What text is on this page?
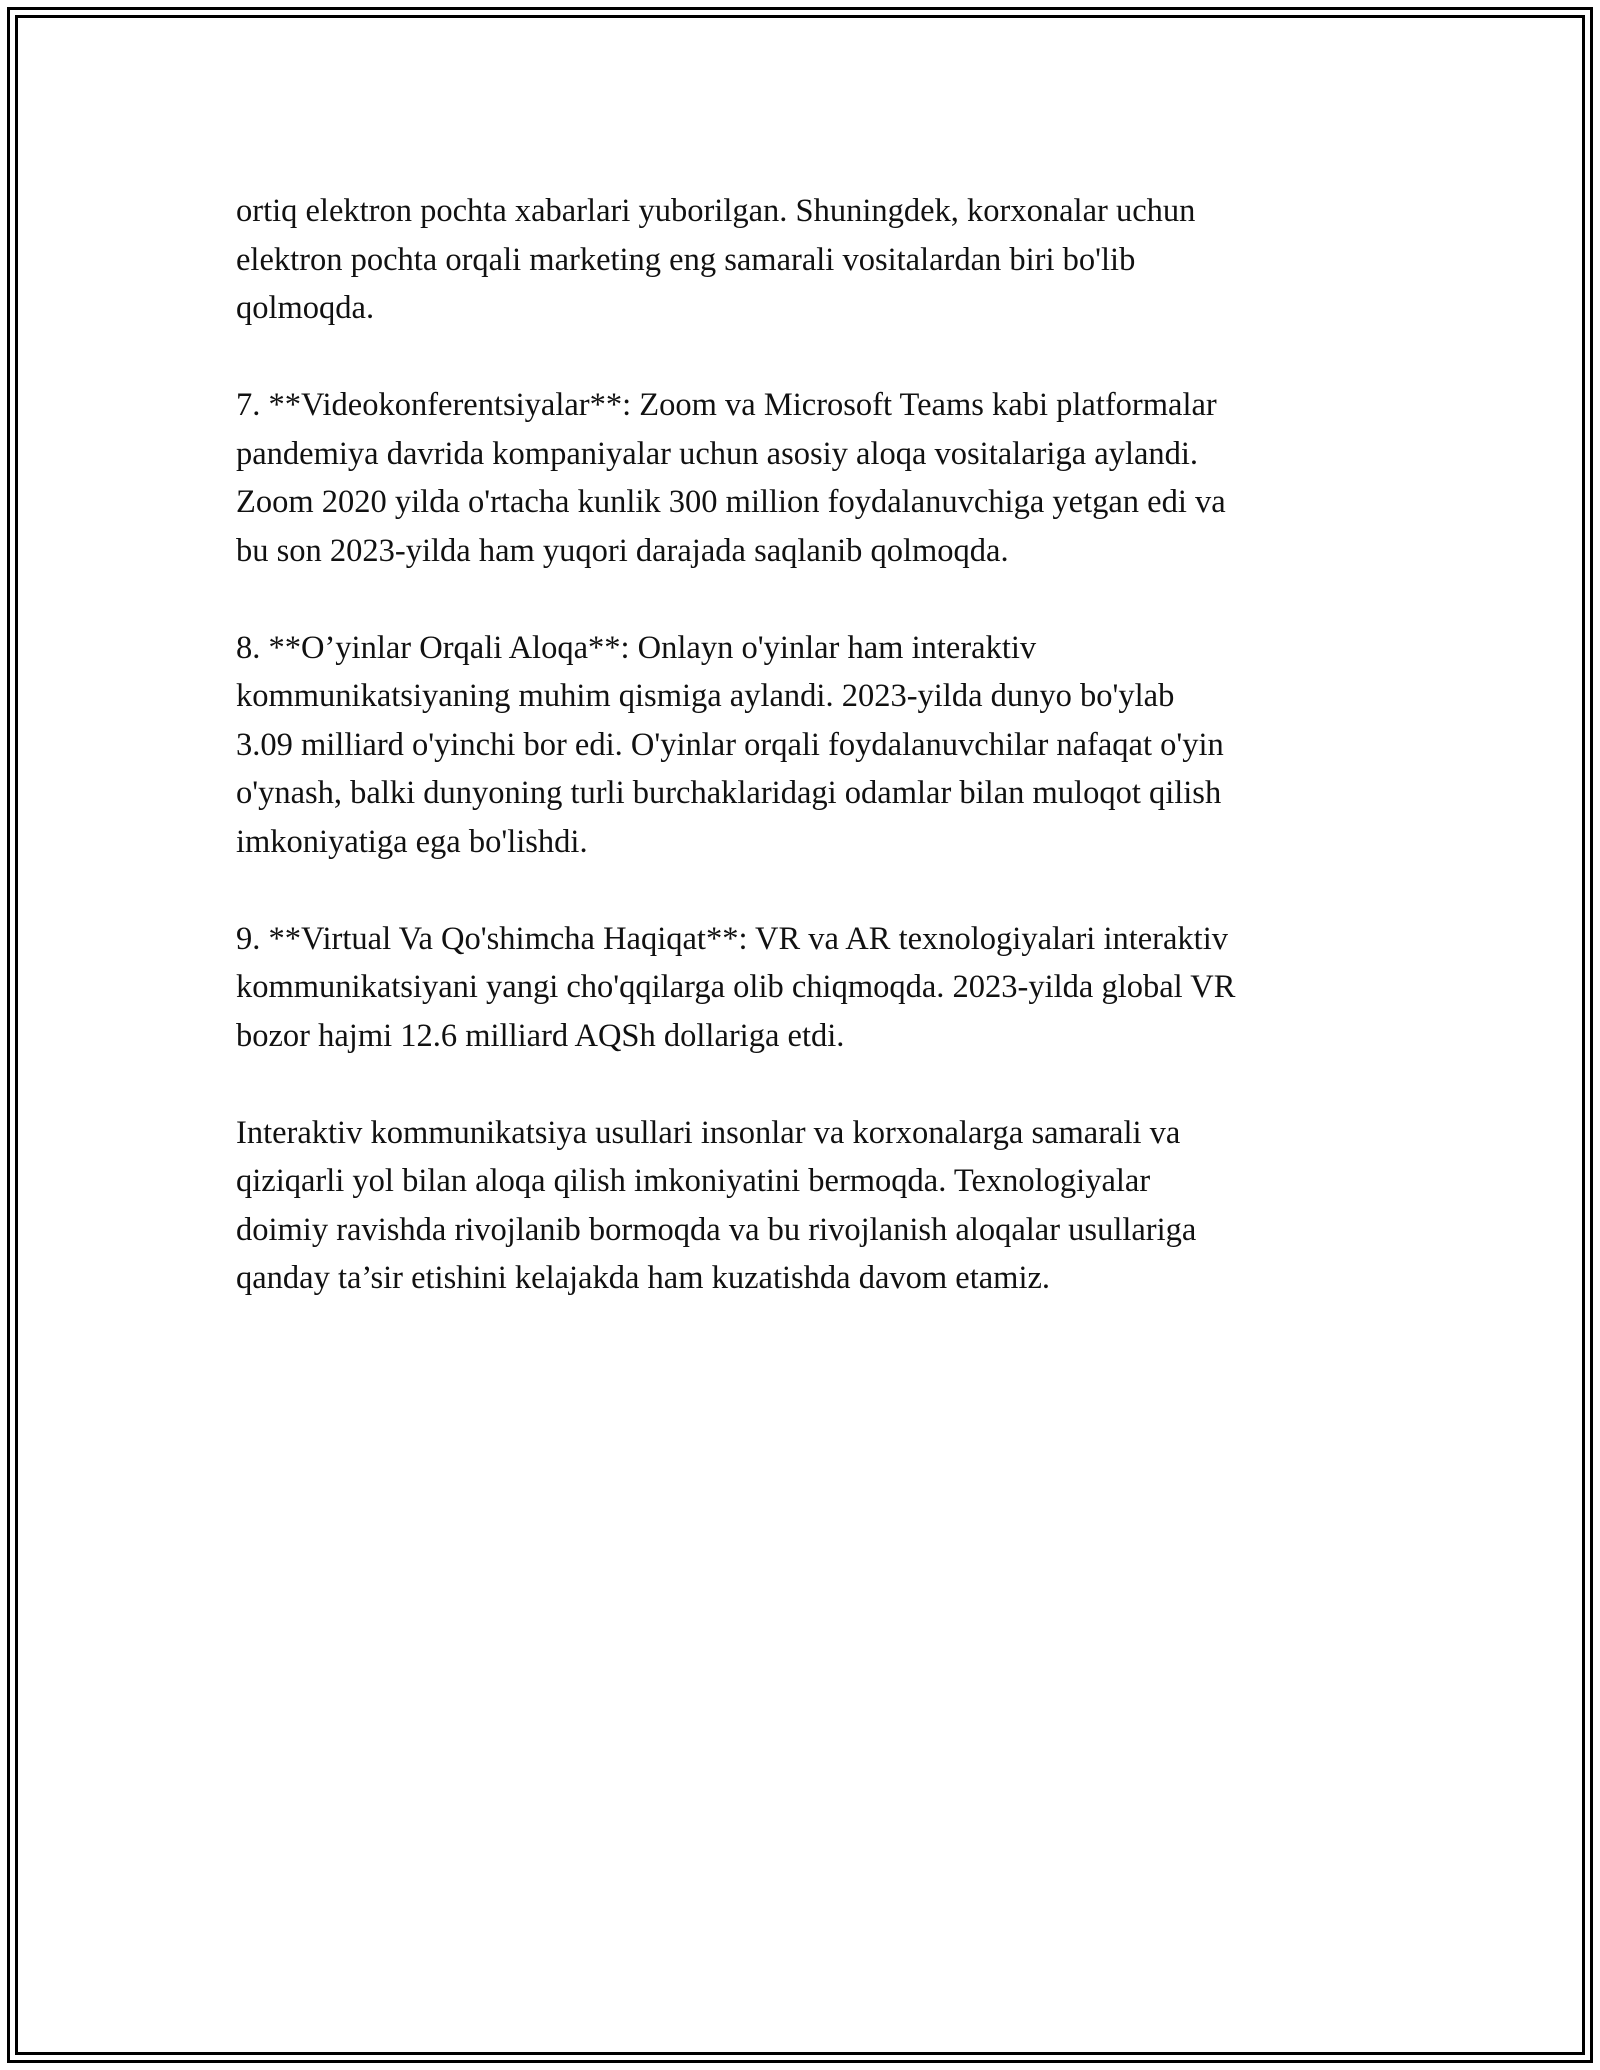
ortiq elektron pochta xabarlari yuborilgan. Shuningdek, korxonalar uchun
elektron pochta orqali marketing eng samarali vositalardan biri bo'lib
qolmoqda.

7. **Videokonferentsiyalar**: Zoom va Microsoft Teams kabi platformalar
pandemiya davrida kompaniyalar uchun asosiy aloqa vositalariga aylandi.
Zoom 2020 yilda o'rtacha kunlik 300 million foydalanuvchiga yetgan edi va
bu son 2023-yilda ham yuqori darajada saqlanib qolmoqda.

8. **O’yinlar Orqali Aloqa**: Onlayn o'yinlar ham interaktiv
kommunikatsiyaning muhim qismiga aylandi. 2023-yilda dunyo bo'ylab
3.09 milliard o'yinchi bor edi. O'yinlar orqali foydalanuvchilar nafaqat o'yin
o'ynash, balki dunyoning turli burchaklaridagi odamlar bilan muloqot qilish
imkoniyatiga ega bo'lishdi.

9. **Virtual Va Qo'shimcha Haqiqat**: VR va AR texnologiyalari interaktiv
kommunikatsiyani yangi cho'qqilarga olib chiqmoqda. 2023-yilda global VR
bozor hajmi 12.6 milliard AQSh dollariga etdi.

Interaktiv kommunikatsiya usullari insonlar va korxonalarga samarali va
qiziqarli yol bilan aloqa qilish imkoniyatini bermoqda. Texnologiyalar
doimiy ravishda rivojlanib bormoqda va bu rivojlanish aloqalar usullariga
qanday ta’sir etishini kelajakda ham kuzatishda davom etamiz.
